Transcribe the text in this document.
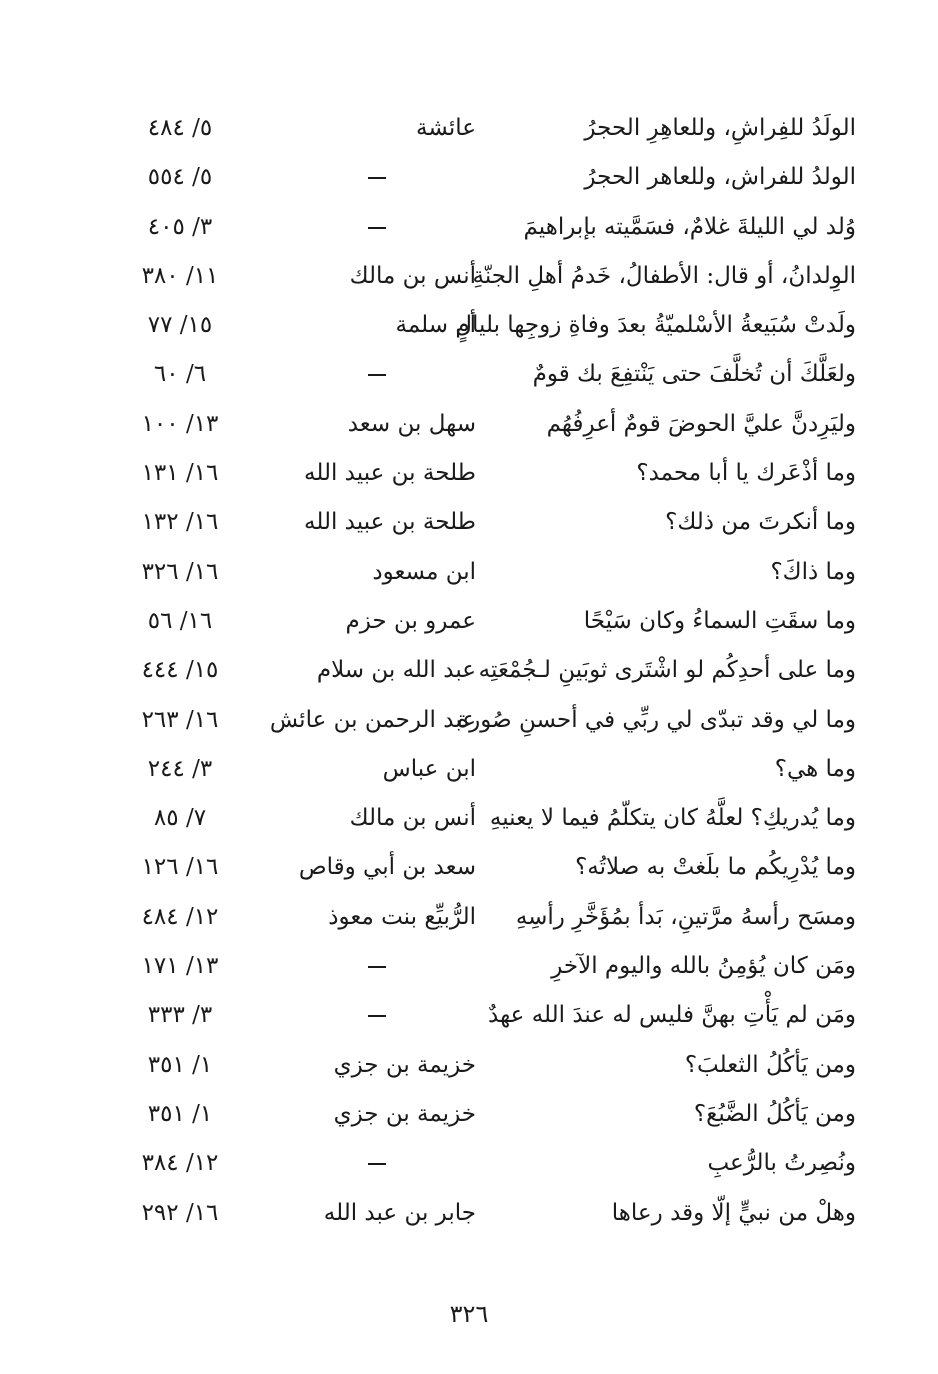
الولَدُ للفِراشِ، وللعاهِرِ الحجرُ
عائشة
٥/ ٤٨٤
الولدُ للفراش، وللعاهر الحجرُ
٥/ ٥٥٤
وُلد لي الليلةَ غلامٌ، فسَمَّيته بإبراهيمَ
٣/ ٤٠٥
الوِلدانُ، أو قال: الأطفالُ، خَدمُ أهلِ الجنّةِ
أنس بن مالك
١١/ ٣٨٠
ولَدتْ سُبَيعةُ الأسْلميّةُ بعدَ وفاةِ زوجِها بليالٍ
أم سلمة
١٥/ ٧٧
ولعَلَّكَ أن تُخلَّفَ حتى يَنْتفِعَ بك قومٌ
٦/ ٦٠
وليَرِدنَّ عليَّ الحوضَ قومٌ أعرِفُهُم
سهل بن سعد
١٣/ ١٠٠
وما أذْعَرك يا أبا محمد؟
طلحة بن عبيد الله
١٦/ ١٣١
وما أنكرتَ من ذلك؟
طلحة بن عبيد الله
١٦/ ١٣٢
وما ذاكَ؟
ابن مسعود
١٦/ ٣٢٦
وما سقَتِ السماءُ وكان سَيْحًا
عمرو بن حزم
١٦/ ٥٦
وما على أحدِكُم لو اشْتَرى ثوبَينِ لـجُمْعَتِه
عبد الله بن سلام
١٥/ ٤٤٤
وما لي وقد تبدّى لي ربِّي في أحسنِ صُورة
عبد الرحمن بن عائش
١٦/ ٢٦٣
وما هي؟
ابن عباس
٣/ ٢٤٤
وما يُدريكِ؟ لعلَّهُ كان يتكلّمُ فيما لا يعنيهِ
أنس بن مالك
٧/ ٨٥
وما يُدْرِيكُم ما بلَغتْ به صلاتُه؟
سعد بن أبي وقاص
١٦/ ١٢٦
ومسَح رأسهُ مرَّتينِ، بَدأ بمُؤَخَّرِ رأسِهِ
الرُّبيِّع بنت معوذ
١٢/ ٤٨٤
ومَن كان يُؤمِنُ بالله واليوم الآخرِ
١٣/ ١٧١
ومَن لم يَأْتِ بهنَّ فليس له عندَ الله عهدٌ
٣/ ٣٣٣
ومن يَأكُلُ الثعلبَ؟
خزيمة بن جزي
١/ ٣٥١
ومن يَأكُلُ الضَّبُعَ؟
خزيمة بن جزي
١/ ٣٥١
ونُصِرتُ بالرُّعبِ
١٢/ ٣٨٤
وهلْ من نبيٍّ إلّا وقد رعاها
جابر بن عبد الله
١٦/ ٢٩٢
٣٢٦
